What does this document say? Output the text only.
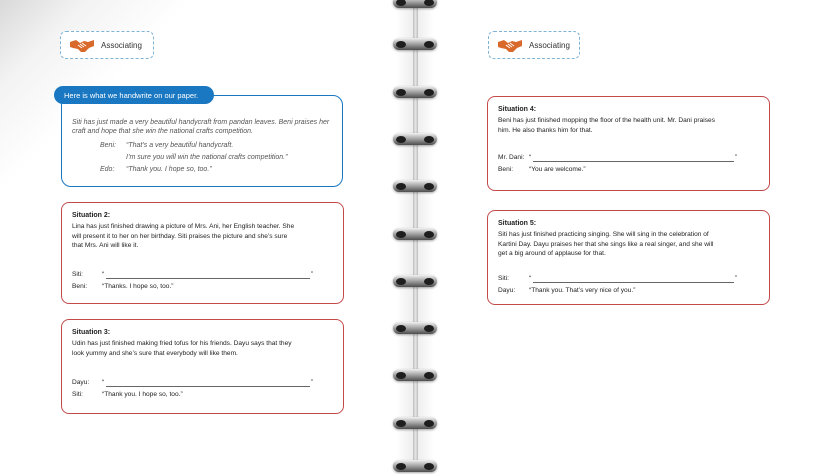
Associating
Siti has just made a very beautiful handycraft from pandan leaves. Beni praises her craft and hope that she win the national crafts competition.
Beni: “That’s a very beautiful handycraft.
I’m sure you will win the national crafts competition.”
Edo: “Thank you. I hope so, too.”
Here is what we handwrite on our paper.
Situation 2:
Lina has just finished drawing a picture of Mrs. Ani, her English teacher. She
will present it to her on her birthday. Siti praises the picture and she’s sure
that Mrs. Ani will like it.
Siti:	“	”
Beni: “Thanks. I hope so, too.”
Situation 3:
Udin has just finished making fried tofus for his friends. Dayu says that they
look yummy and she’s sure that everybody will like them.
Dayu: “	”
Siti:	“Thank you. I hope so, too.”
Associating
Situation 4:
Beni has just finished mopping the floor of the health unit. Mr. Dani praises
him. He also thanks him for that.
Mr. Dani: “	”
Beni: “You are welcome.”
Situation 5:
Siti has just finished practicing singing. She will sing in the celebration of
Kartini Day. Dayu praises her that she sings like a real singer, and she will
get a big around of applause for that.
Siti:	“	”
Dayu: “Thank you. That’s very nice of you.”
